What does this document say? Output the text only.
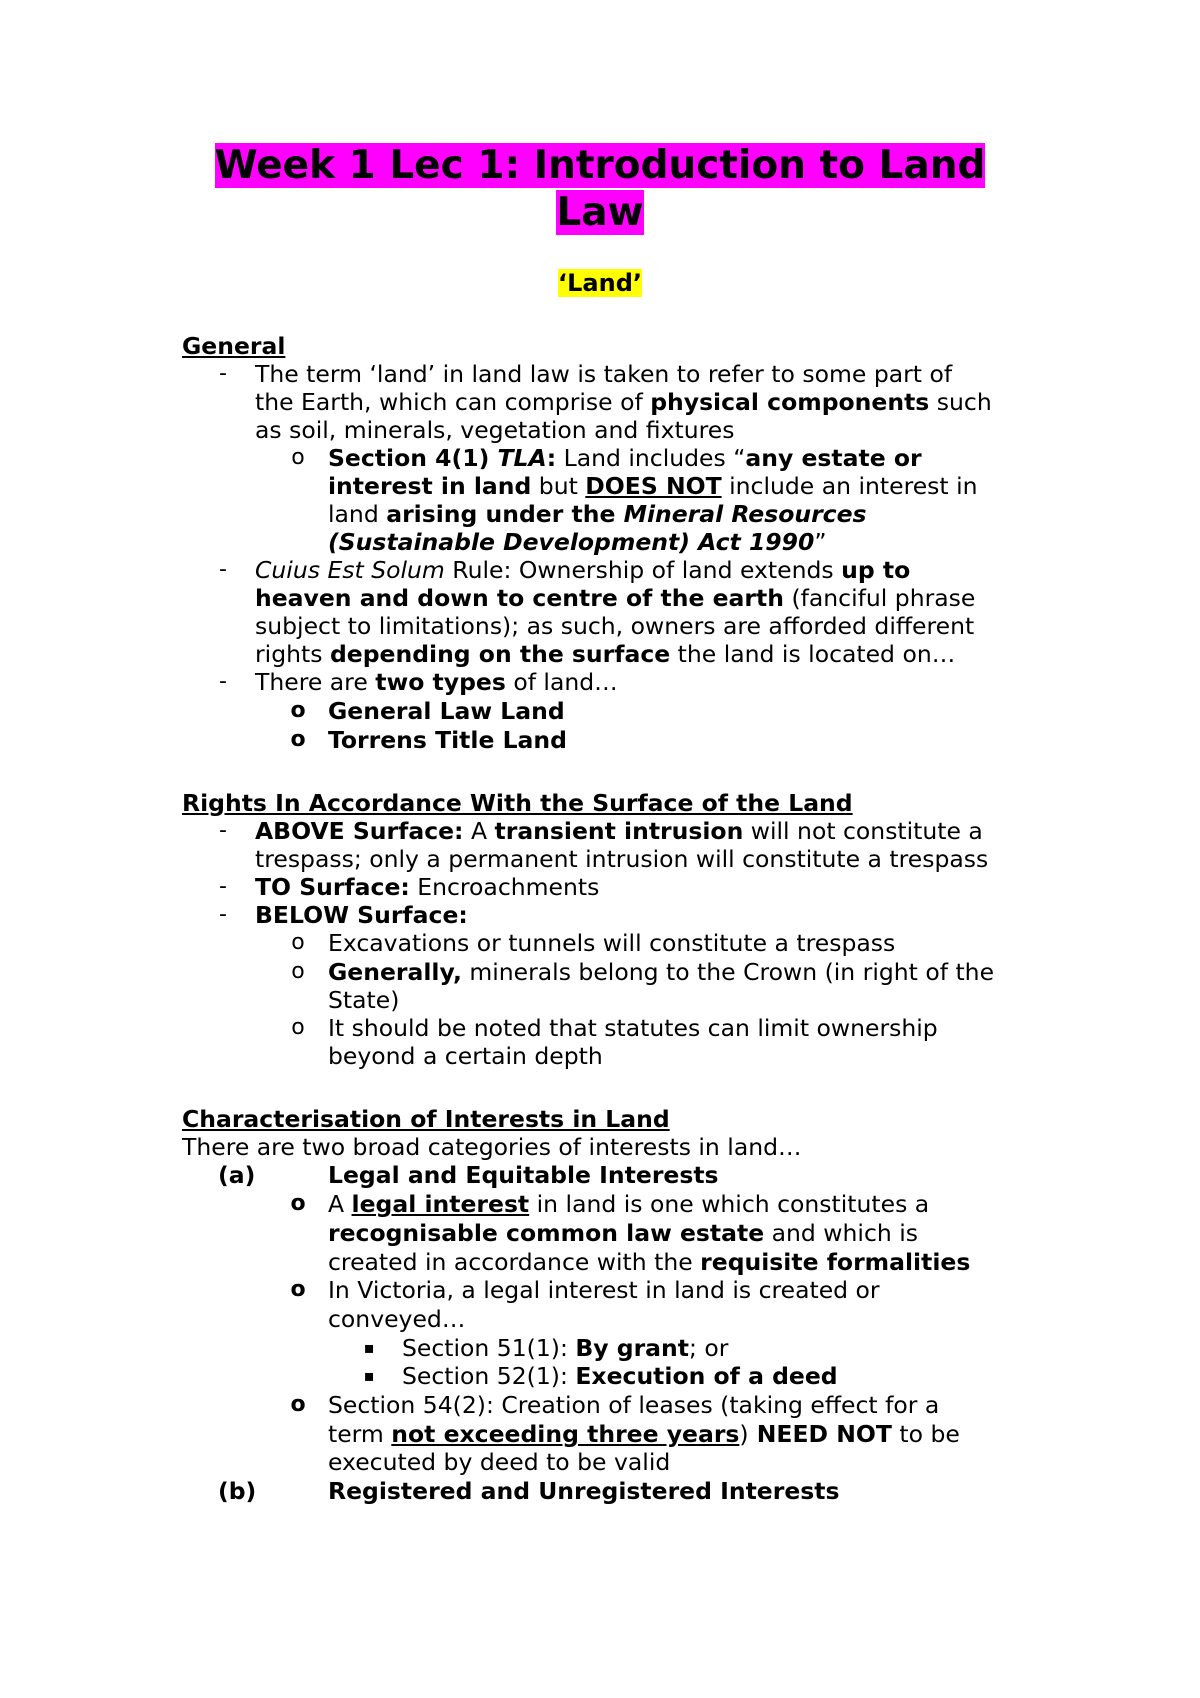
Week 1 Lec 1: Introduction to Land
Law
‘Land’
General
- The term ‘land’ in land law is taken to refer to some part of
the Earth, which can comprise of physical components such
as soil, minerals, vegetation and fixtures
o Section 4(1) TLA: Land includes “any estate or
interest in land but DOES NOT include an interest in
land arising under the Mineral Resources
(Sustainable Development) Act 1990”
- Cuius Est Solum Rule: Ownership of land extends up to
heaven and down to centre of the earth (fanciful phrase
subject to limitations); as such, owners are afforded different
rights depending on the surface the land is located on…
- There are two types of land…
o General Law Land
o Torrens Title Land
Rights In Accordance With the Surface of the Land
- ABOVE Surface: A transient intrusion will not constitute a
trespass; only a permanent intrusion will constitute a trespass
- TO Surface: Encroachments
- BELOW Surface:
o Excavations or tunnels will constitute a trespass
o Generally, minerals belong to the Crown (in right of the
State)
o It should be noted that statutes can limit ownership
beyond a certain depth
Characterisation of Interests in Land
There are two broad categories of interests in land…
(a)	Legal and Equitable Interests
o A legal interest in land is one which constitutes a
recognisable common law estate and which is
created in accordance with the requisite formalities
o In Victoria, a legal interest in land is created or
conveyed…
▪ Section 51(1): By grant; or
▪ Section 52(1): Execution of a deed
o Section 54(2): Creation of leases (taking effect for a
term not exceeding three years) NEED NOT to be
executed by deed to be valid
(b)	Registered and Unregistered Interests
